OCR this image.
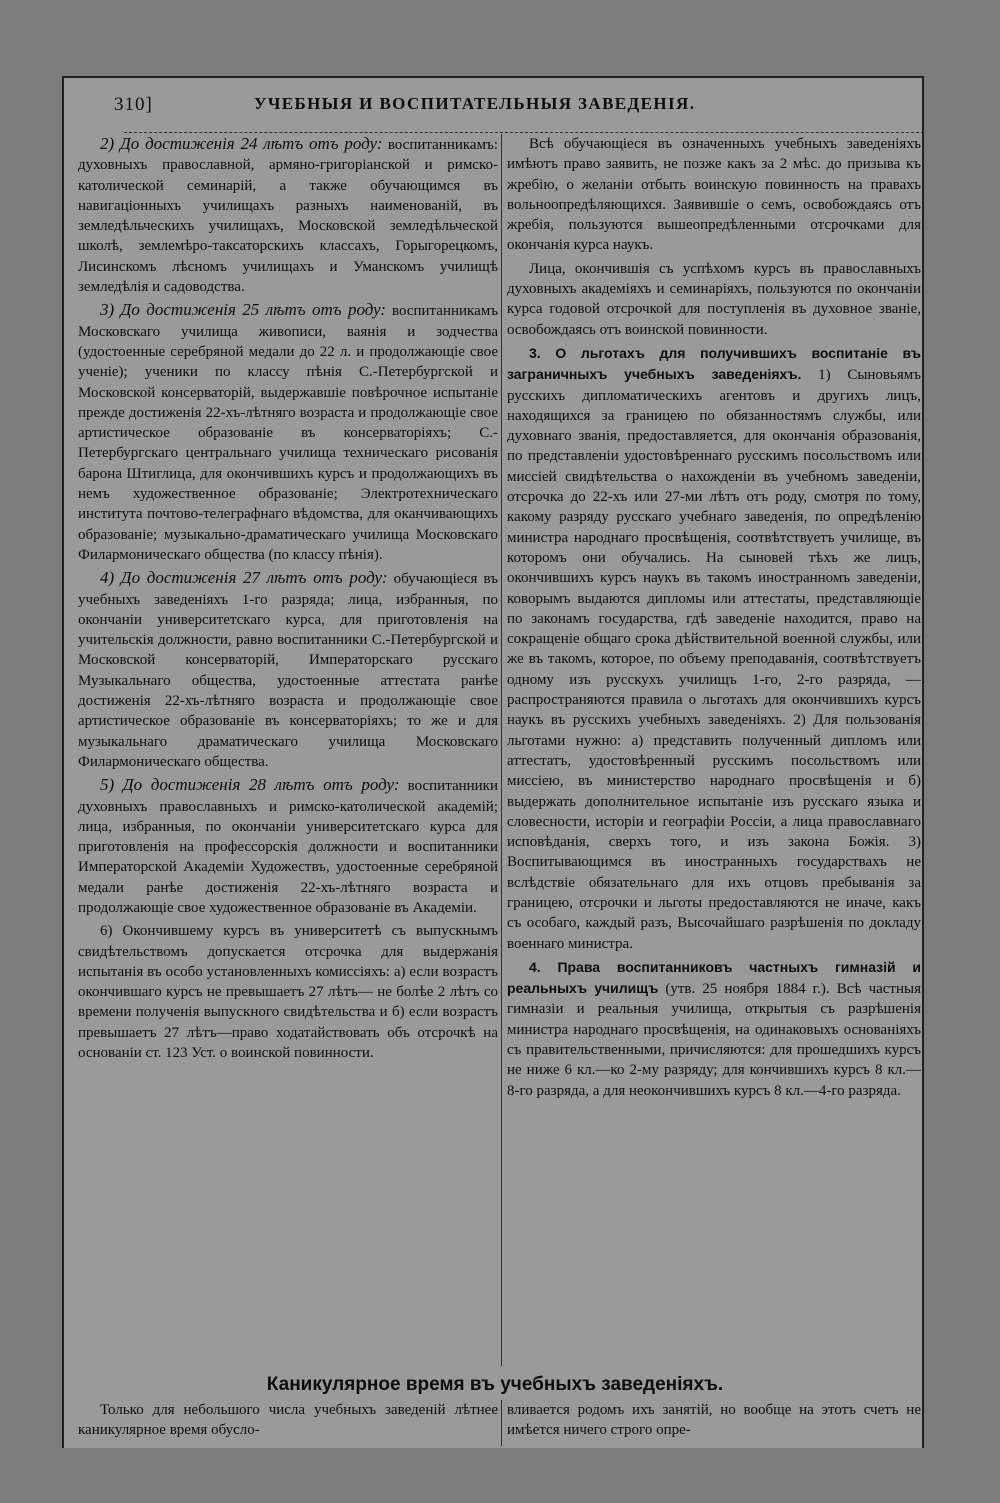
310]	УЧЕБНЫЯ И ВОСПИТАТЕЛЬНЫЯ ЗАВЕДЕНІЯ.

2) До достиженія 24 лѣтъ отъ роду: воспитанникамъ: духовныхъ православной, армяно-григоріанской и римско-католической семинарій, а также обучающимся въ навигаціонныхъ училищахъ разныхъ наименованій, въ земледѣльческихъ училищахъ, Московской земледѣльческой школѣ, землемѣро-таксаторскихъ классахъ, Горыгорецкомъ, Лисинскомъ лѣсномъ училищахъ и Уманскомъ училищѣ земледѣлія и садоводства.

3) До достиженія 25 лѣтъ отъ роду: воспитанникамъ Московскаго училища живописи, ваянія и зодчества (удостоенные серебряной медали до 22 л. и продолжающіе свое ученіе); ученики по классу пѣнія С.-Петербургской и Московской консерваторій, выдержавшіе повѣрочное испытаніе прежде достиженія 22-хъ-лѣтняго возраста и продолжающіе свое артистическое образованіе въ консерваторіяхъ; С.-Петербургскаго центральнаго училища техническаго рисованія барона Штиглица, для окончившихъ курсъ и продолжающихъ въ немъ художественное образованіе; Электротехническаго института почтово-телеграфнаго вѣдомства, для оканчивающихъ образованіе; музыкально-драматическаго училища Московскаго Филармоническаго общества (по классу пѣнія).

4) До достиженія 27 лѣтъ отъ роду: обучающіеся въ учебныхъ заведеніяхъ 1-го разряда; лица, избранныя, по окончаніи университетскаго курса, для приготовленія на учительскія должности, равно воспитанники С.-Петербургской и Московской консерваторій, Императорскаго русскаго Музыкальнаго общества, удостоенные аттестата ранѣе достиженія 22-хъ-лѣтняго возраста и продолжающіе свое артистическое образованіе въ консерваторіяхъ; то же и для музыкальнаго драматическаго училища Московскаго Филармоническаго общества.

5) До достиженія 28 лѣтъ отъ роду: воспитанники духовныхъ православныхъ и римско-католической академій; лица, избранныя, по окончаніи университетскаго курса для приготовленія на профессорскія должности и воспитанники Императорской Академіи Художествъ, удостоенные серебряной медали ранѣе достиженія 22-хъ-лѣтняго возраста и продолжающіе свое художественное образованіе въ Академіи.

6) Окончившему курсъ въ университетѣ съ выпускнымъ свидѣтельствомъ допускается отсрочка для выдержанія испытанія въ особо установленныхъ комиссіяхъ: а) если возрастъ окончившаго курсъ не превышаетъ 27 лѣтъ— не болѣе 2 лѣтъ со времени полученія выпускного свидѣтельства и б) если возрастъ превышаетъ 27 лѣтъ—право ходатайствовать объ отсрочкѣ на основаніи ст. 123 Уст. о воинской повинности.

Всѣ обучающіеся въ означенныхъ учебныхъ заведеніяхъ имѣютъ право заявить, не позже какъ за 2 мѣс. до призыва къ жребію, о желаніи отбыть воинскую повинность на правахъ вольноопредѣляющихся. Заявившіе о семъ, освобождаясь отъ жребія, пользуются вышеопредѣленными отсрочками для окончанія курса наукъ.

Лица, окончившія съ успѣхомъ курсъ въ православныхъ духовныхъ академіяхъ и семинаріяхъ, пользуются по окончаніи курса годовой отсрочкой для поступленія въ духовное званіе, освобождаясь отъ воинской повинности.

3. О льготахъ для получившихъ воспитаніе въ заграничныхъ учебныхъ заведеніяхъ. 1) Сыновьямъ русскихъ дипломатическихъ агентовъ и другихъ лицъ, находящихся за границею по обязанностямъ службы, или духовнаго званія, предоставляется, для окончанія образованія, по представленіи удостовѣреннаго русскимъ посольствомъ или миссіей свидѣтельства о нахожденіи въ учебномъ заведеніи, отсрочка до 22-хъ или 27-ми лѣтъ отъ роду, смотря по тому, какому разряду русскаго учебнаго заведенія, по опредѣленію министра народнаго просвѣщенія, соотвѣтствуетъ училище, въ которомъ они обучались. На сыновей тѣхъ же лицъ, окончившихъ курсъ наукъ въ такомъ иностранномъ заведеніи, коворымъ выдаются дипломы или аттестаты, представляющіе по законамъ государства, гдѣ заведеніе находится, право на сокращеніе общаго срока дѣйствительной военной службы, или же въ такомъ, которое, по объему преподаванія, соотвѣтствуетъ одному изъ русскухъ училищъ 1-го, 2-го разряда, — распространяются правила о льготахъ для окончившихъ курсъ наукъ въ русскихъ учебныхъ заведеніяхъ. 2) Для пользованія льготами нужно: а) представить полученный дипломъ или аттестатъ, удостовѣренный русскимъ посольствомъ или миссіею, въ министерство народнаго просвѣщенія и б) выдержать дополнительное испытаніе изъ русскаго языка и словесности, исторіи и географіи Россіи, а лица православнаго исповѣданія, сверхъ того, и изъ закона Божія. 3) Воспитывающимся въ иностранныхъ государствахъ не вслѣдствіе обязательнаго для ихъ отцовъ пребыванія за границею, отсрочки и льготы предоставляются не иначе, какъ съ особаго, каждый разъ, Высочайшаго разрѣшенія по докладу военнаго министра.

4. Права воспитанниковъ частныхъ гимназій и реальныхъ училищъ (утв. 25 ноября 1884 г.). Всѣ частныя гимназіи и реальныя училища, открытыя съ разрѣшенія министра народнаго просвѣщенія, на одинаковыхъ основаніяхъ съ правительственными, причисляются: для прошедшихъ курсъ не ниже 6 кл.—ко 2-му разряду; для кончившихъ курсъ 8 кл.—8-го разряда, а для неокончившихъ курсъ 8 кл.—4-го разряда.

Каникулярное время въ учебныхъ заведеніяхъ.

Только для небольшого числа учебныхъ заведеній лѣтнее каникулярное время обусло-

вливается родомъ ихъ занятій, но вообще на этотъ счетъ не имѣется ничего строго опре-
